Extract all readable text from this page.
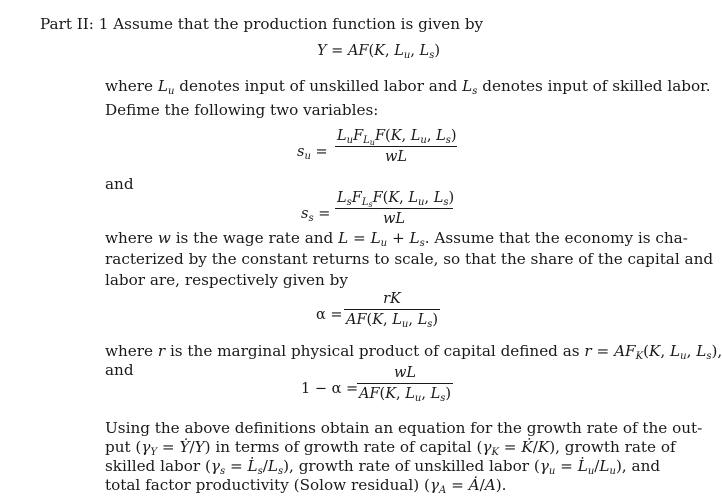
Part II: 1 Assume that the production function is given by
Y = AF(K, $L_u$, $L_s$)
where $L_u$ denotes input of unskilled labor and $L_s$ denotes input of skilled labor.
Defime the following two variables:
$s_u$ =
$L_uF_{L_u}F(K$, $L_u$, $L_s$)
wL
and
$s_s$ =
$L_sF_{L_s}F(K$, $L_u$, $L_s$)
wL
where w is the wage rate and $L = L_u + L_s$. Assume that the economy is cha-
racterized by the constant returns to scale, so that the share of the capital and
labor are, respectively given by
$\alpha = \frac{rK}{AF(K, L_u, L_s)}$
where r is the marginal physical product of capital defined as $r = AF_K(K$, $L_u$, $L_s$),
and
1 − α =
$\frac{wL}{AF(K, L_u, L_s)}$
Using the above definitions obtain an equation for the growth rate of the out-
put ($\gamma_Y$ = Ẏ/Y) in terms of growth rate of capital ($\gamma_K$ = K̇/K), growth rate of
skilled labor ($\gamma_s$ = $L̇_s/L_s$), growth rate of unskilled labor ($\gamma_u$ = $L̇_u/L_u$), and
total factor productivity (Solow residual) ($\gamma_A$ = Ȧ/A).
